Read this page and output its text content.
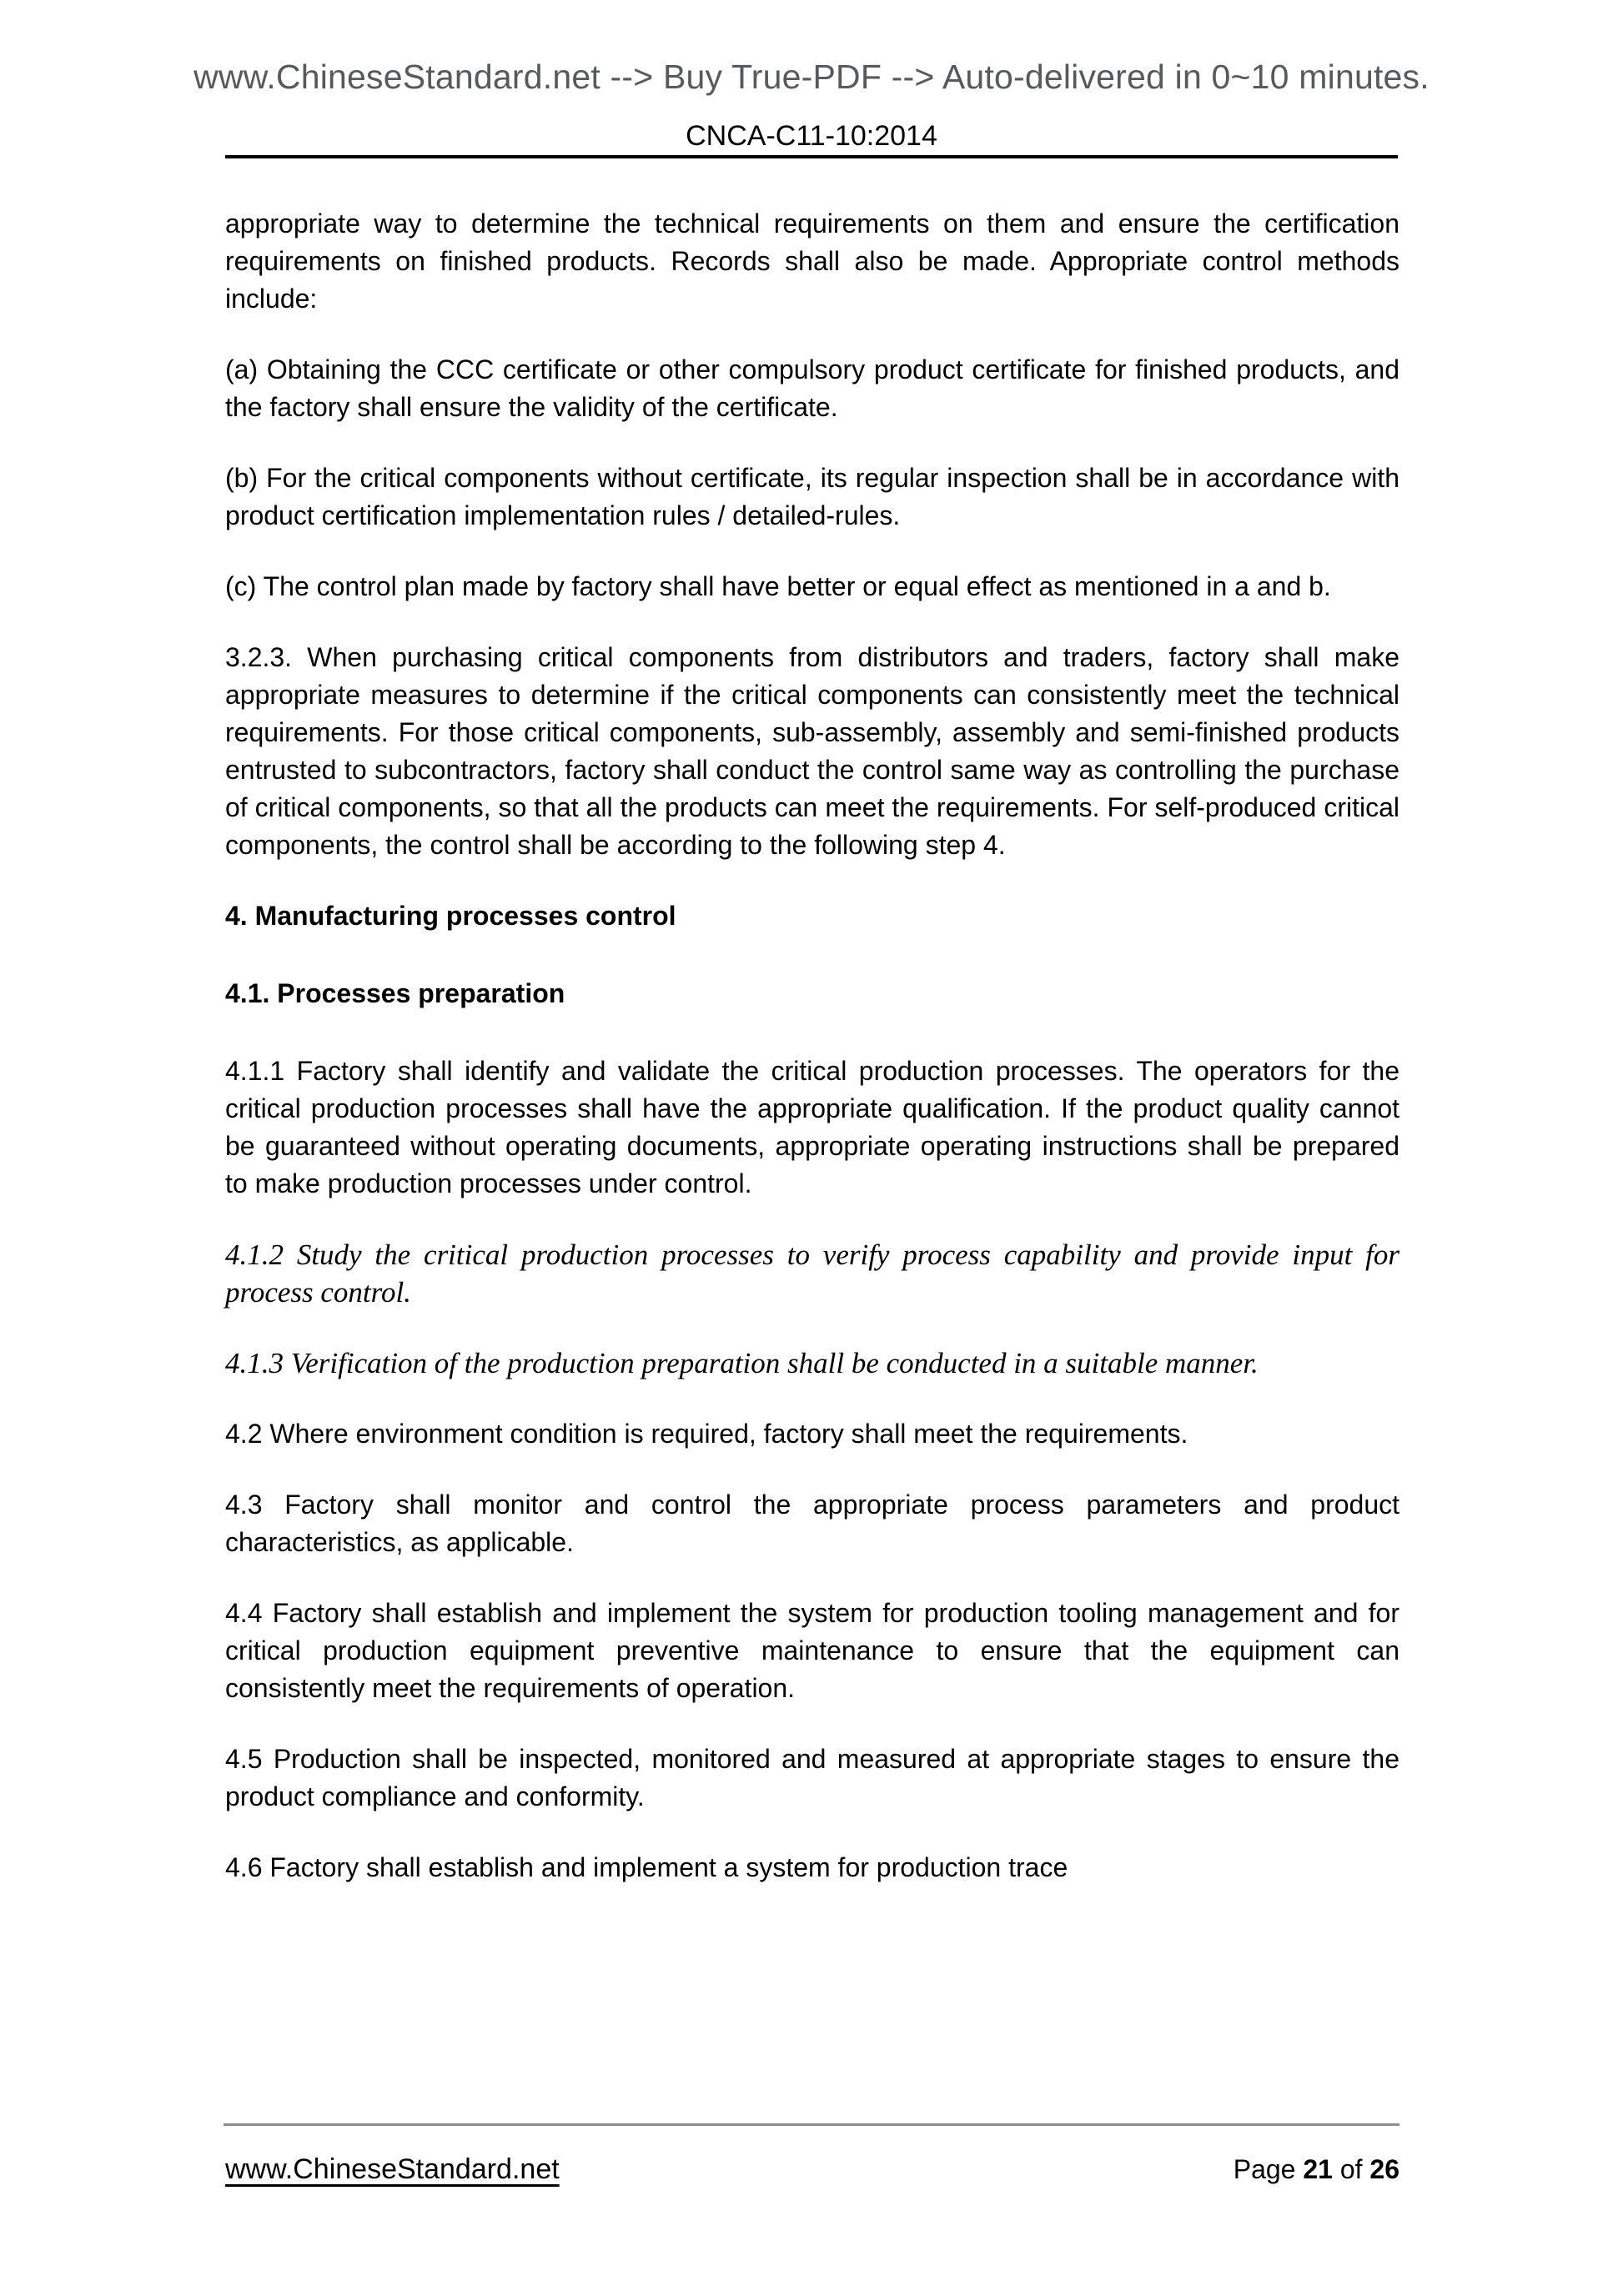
www.ChineseStandard.net --> Buy True-PDF --> Auto-delivered in 0~10 minutes.
CNCA-C11-10:2014

appropriate way to determine the technical requirements on them and ensure the certification requirements on finished products. Records shall also be made. Appropriate control methods include:

(a) Obtaining the CCC certificate or other compulsory product certificate for finished products, and the factory shall ensure the validity of the certificate.

(b) For the critical components without certificate, its regular inspection shall be in accordance with product certification implementation rules / detailed-rules.

(c) The control plan made by factory shall have better or equal effect as mentioned in a and b.

3.2.3. When purchasing critical components from distributors and traders, factory shall make appropriate measures to determine if the critical components can consistently meet the technical requirements. For those critical components, sub-assembly, assembly and semi-finished products entrusted to subcontractors, factory shall conduct the control same way as controlling the purchase of critical components, so that all the products can meet the requirements. For self-produced critical components, the control shall be according to the following step 4.

4. Manufacturing processes control

4.1. Processes preparation

4.1.1 Factory shall identify and validate the critical production processes. The operators for the critical production processes shall have the appropriate qualification. If the product quality cannot be guaranteed without operating documents, appropriate operating instructions shall be prepared to make production processes under control.

4.1.2 Study the critical production processes to verify process capability and provide input for process control.

4.1.3 Verification of the production preparation shall be conducted in a suitable manner.

4.2 Where environment condition is required, factory shall meet the requirements.

4.3 Factory shall monitor and control the appropriate process parameters and product characteristics, as applicable.

4.4 Factory shall establish and implement the system for production tooling management and for critical production equipment preventive maintenance to ensure that the equipment can consistently meet the requirements of operation.

4.5 Production shall be inspected, monitored and measured at appropriate stages to ensure the product compliance and conformity.

4.6 Factory shall establish and implement a system for production trace

www.ChineseStandard.net	Page 21 of 26
